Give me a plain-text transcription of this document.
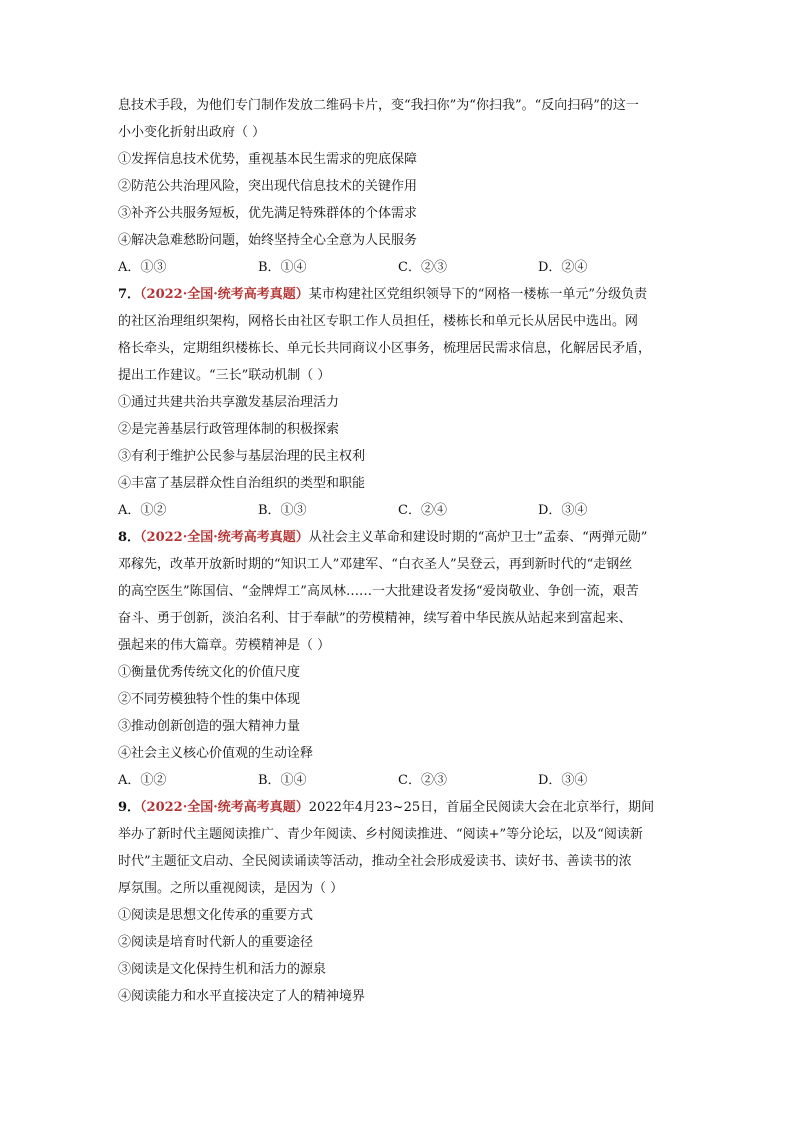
息技术手段，为他们专门制作发放二维码卡片，变“我扫你”为“你扫我”。“反向扫码”的这一
小小变化折射出政府（ ）
①发挥信息技术优势，重视基本民生需求的兜底保障
②防范公共治理风险，突出现代信息技术的关键作用
③补齐公共服务短板，优先满足特殊群体的个体需求
④解决急难愁盼问题，始终坚持全心全意为人民服务
A．①③	B．①④	C．②③	D．②④
7．（2022·全国·统考高考真题）某市构建社区党组织领导下的“网格一楼栋一单元”分级负责
的社区治理组织架构，网格长由社区专职工作人员担任，楼栋长和单元长从居民中选出。网
格长牵头，定期组织楼栋长、单元长共同商议小区事务，梳理居民需求信息，化解居民矛盾，
提出工作建议。“三长”联动机制（ ）
①通过共建共治共享激发基层治理活力
②是完善基层行政管理体制的积极探索
③有利于维护公民参与基层治理的民主权利
④丰富了基层群众性自治组织的类型和职能
A．①②	B．①③	C．②④	D．③④
8．（2022·全国·统考高考真题）从社会主义革命和建设时期的“高炉卫士”孟泰、“两弹元勋”
邓稼先，改革开放新时期的“知识工人”邓建军、“白衣圣人”吴登云，再到新时代的“走钢丝
的高空医生”陈国信、“金牌焊工”高凤林……一大批建设者发扬“爱岗敬业、争创一流，艰苦
奋斗、勇于创新，淡泊名利、甘于奉献”的劳模精神，续写着中华民族从站起来到富起来、
强起来的伟大篇章。劳模精神是（ ）
①衡量优秀传统文化的价值尺度
②不同劳模独特个性的集中体现
③推动创新创造的强大精神力量
④社会主义核心价值观的生动诠释
A．①②	B．①④	C．②③	D．③④
9．（2022·全国·统考高考真题）2022年4月23~25日，首届全民阅读大会在北京举行，期间
举办了新时代主题阅读推广、青少年阅读、乡村阅读推进、“阅读+”等分论坛，以及“阅读新
时代”主题征文启动、全民阅读诵读等活动，推动全社会形成爱读书、读好书、善读书的浓
厚氛围。之所以重视阅读，是因为（ ）
①阅读是思想文化传承的重要方式
②阅读是培育时代新人的重要途径
③阅读是文化保持生机和活力的源泉
④阅读能力和水平直接决定了人的精神境界
